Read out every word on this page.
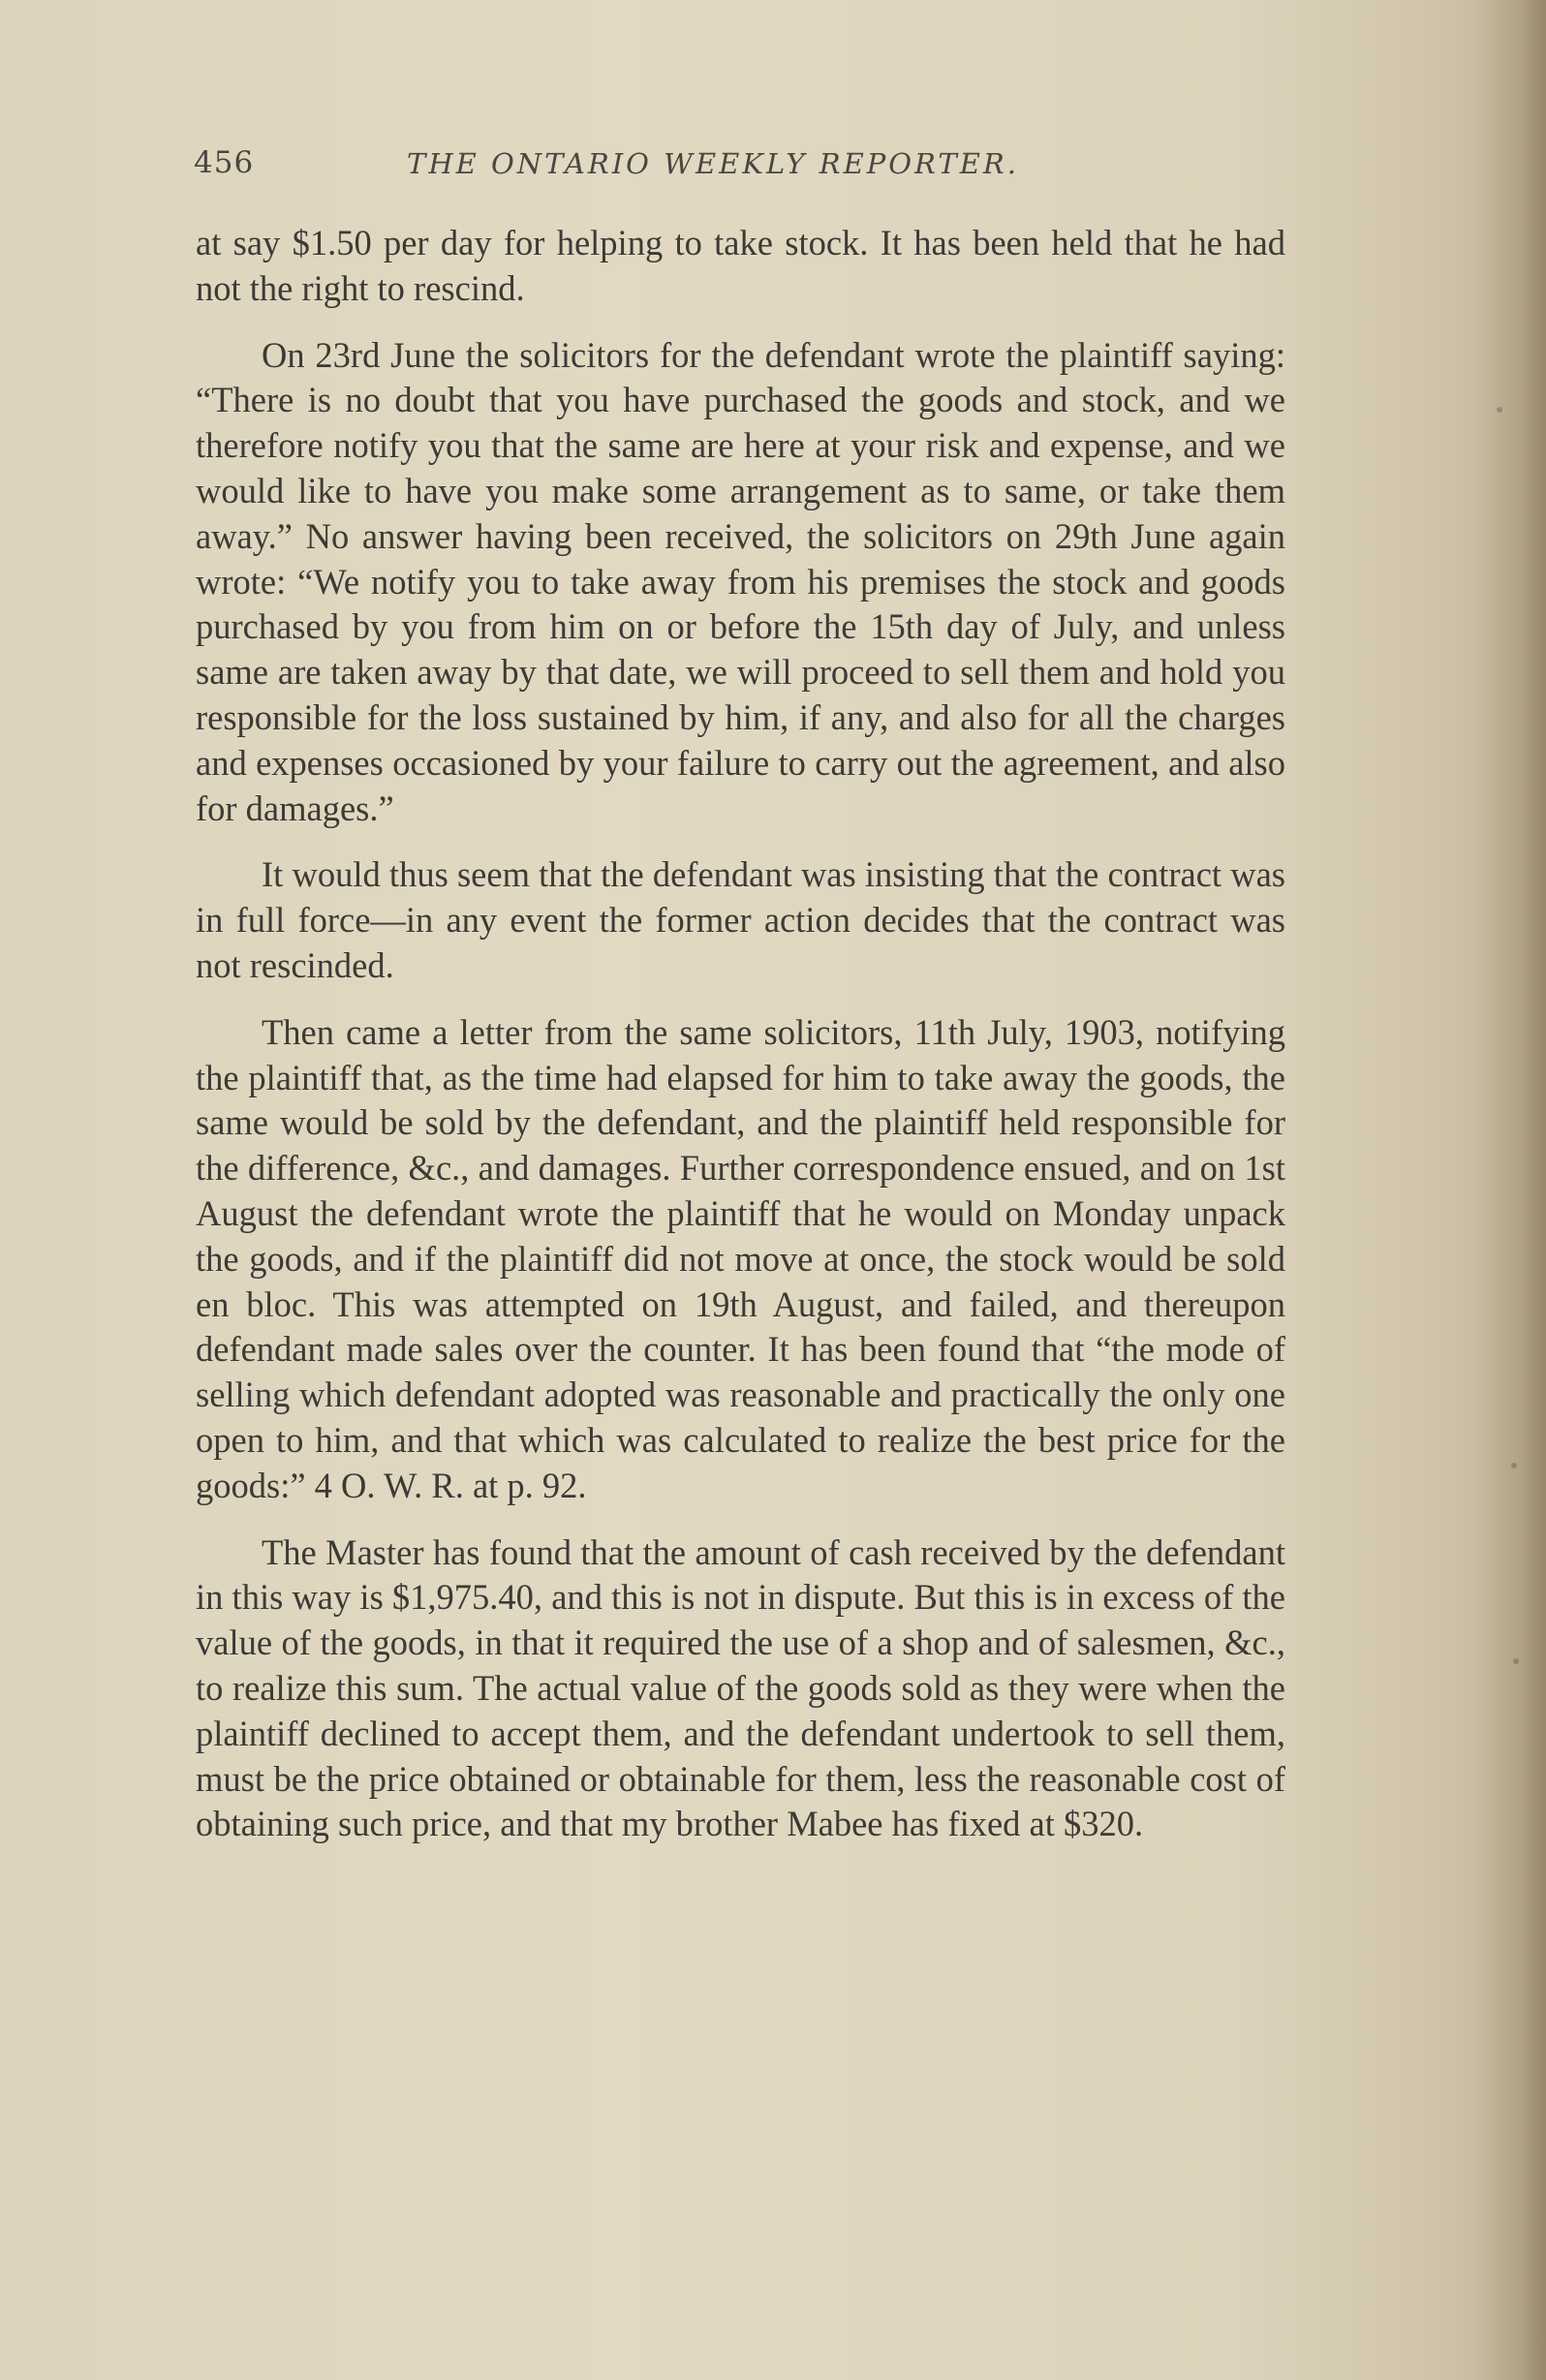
456	THE ONTARIO WEEKLY REPORTER.

at say $1.50 per day for helping to take stock. It has been held that he had not the right to rescind.

On 23rd June the solicitors for the defendant wrote the plaintiff saying: “There is no doubt that you have purchased the goods and stock, and we therefore notify you that the same are here at your risk and expense, and we would like to have you make some arrangement as to same, or take them away.” No answer having been received, the solicitors on 29th June again wrote: “We notify you to take away from his premises the stock and goods purchased by you from him on or before the 15th day of July, and unless same are taken away by that date, we will proceed to sell them and hold you responsible for the loss sustained by him, if any, and also for all the charges and expenses occasioned by your failure to carry out the agreement, and also for damages.”

It would thus seem that the defendant was insisting that the contract was in full force—in any event the former action decides that the contract was not rescinded.

Then came a letter from the same solicitors, 11th July, 1903, notifying the plaintiff that, as the time had elapsed for him to take away the goods, the same would be sold by the defendant, and the plaintiff held responsible for the difference, &c., and damages. Further correspondence ensued, and on 1st August the defendant wrote the plaintiff that he would on Monday unpack the goods, and if the plaintiff did not move at once, the stock would be sold en bloc. This was attempted on 19th August, and failed, and thereupon defendant made sales over the counter. It has been found that “the mode of selling which defendant adopted was reasonable and practically the only one open to him, and that which was calculated to realize the best price for the goods:” 4 O. W. R. at p. 92.

The Master has found that the amount of cash received by the defendant in this way is $1,975.40, and this is not in dispute. But this is in excess of the value of the goods, in that it required the use of a shop and of salesmen, &c., to realize this sum. The actual value of the goods sold as they were when the plaintiff declined to accept them, and the defendant undertook to sell them, must be the price obtained or obtainable for them, less the reasonable cost of obtaining such price, and that my brother Mabee has fixed at $320.
